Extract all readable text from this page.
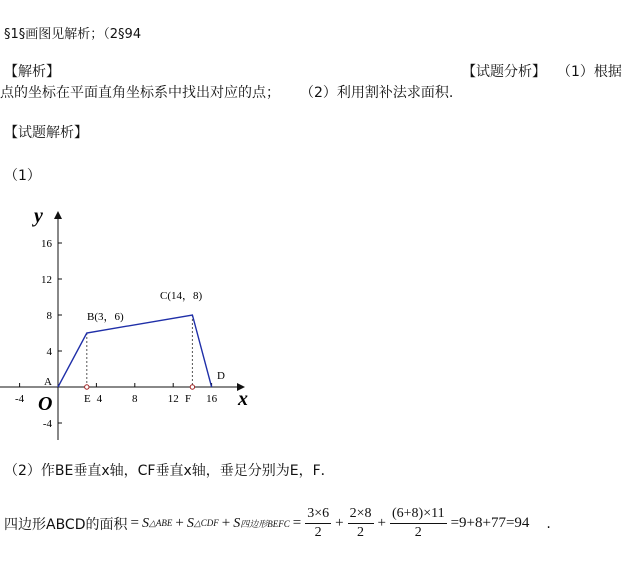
§1§画图见解析；（2§94
【解析】	【试题分析】 （1）根据
点的坐标在平面直角坐标系中找出对应的点； （2）利用割补法求面积.
【试题解析】
（1）
-4	4	8	12 16
16
12
8
4
-4
y
x
O
A
B(3，6)
C(14，8)
D
E	F
（2）作BE垂直x轴，CF垂直x轴，垂足分别为E，F．
四边形ABCD的面积 = S △ABE + S △CDF + S 四边形BEFC = $\frac{3\times 6}{2} + \frac{2\times 8}{2} + \frac{(6+8)\times 11}{2} =9+8+77=94$ .
